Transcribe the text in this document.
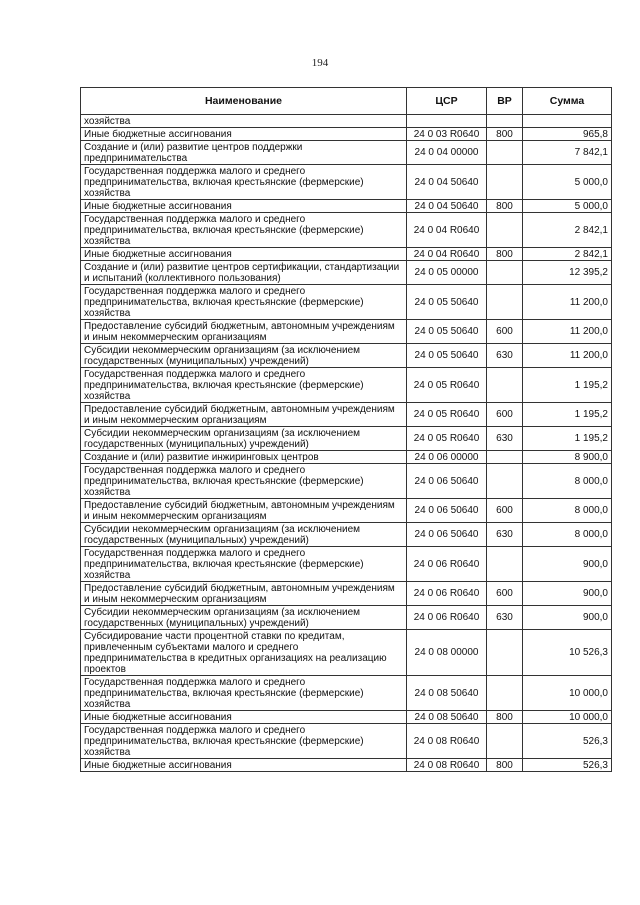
194
Наименование	ЦСР	ВР	Сумма
хозяйства			
Иные бюджетные ассигнования	24 0 03 R0640	800	965,8
Создание и (или) развитие центров поддержки предпринимательства	24 0 04 00000		7 842,1
Государственная поддержка малого и среднего предпринимательства, включая крестьянские (фермерские) хозяйства	24 0 04 50640		5 000,0
Иные бюджетные ассигнования	24 0 04 50640	800	5 000,0
Государственная поддержка малого и среднего предпринимательства, включая крестьянские (фермерские) хозяйства	24 0 04 R0640		2 842,1
Иные бюджетные ассигнования	24 0 04 R0640	800	2 842,1
Создание и (или) развитие центров сертификации, стандартизации и испытаний (коллективного пользования)	24 0 05 00000		12 395,2
Государственная поддержка малого и среднего предпринимательства, включая крестьянские (фермерские) хозяйства	24 0 05 50640		11 200,0
Предоставление субсидий бюджетным, автономным учреждениям и иным некоммерческим организациям	24 0 05 50640	600	11 200,0
Субсидии некоммерческим организациям (за исключением государственных (муниципальных) учреждений)	24 0 05 50640	630	11 200,0
Государственная поддержка малого и среднего предпринимательства, включая крестьянские (фермерские) хозяйства	24 0 05 R0640		1 195,2
Предоставление субсидий бюджетным, автономным учреждениям и иным некоммерческим организациям	24 0 05 R0640	600	1 195,2
Субсидии некоммерческим организациям (за исключением государственных (муниципальных) учреждений)	24 0 05 R0640	630	1 195,2
Создание и (или) развитие инжиринговых центров	24 0 06 00000		8 900,0
Государственная поддержка малого и среднего предпринимательства, включая крестьянские (фермерские) хозяйства	24 0 06 50640		8 000,0
Предоставление субсидий бюджетным, автономным учреждениям и иным некоммерческим организациям	24 0 06 50640	600	8 000,0
Субсидии некоммерческим организациям (за исключением государственных (муниципальных) учреждений)	24 0 06 50640	630	8 000,0
Государственная поддержка малого и среднего предпринимательства, включая крестьянские (фермерские) хозяйства	24 0 06 R0640		900,0
Предоставление субсидий бюджетным, автономным учреждениям и иным некоммерческим организациям	24 0 06 R0640	600	900,0
Субсидии некоммерческим организациям (за исключением государственных (муниципальных) учреждений)	24 0 06 R0640	630	900,0
Субсидирование части процентной ставки по кредитам, привлеченным субъектами малого и среднего предпринимательства в кредитных организациях на реализацию проектов	24 0 08 00000		10 526,3
Государственная поддержка малого и среднего предпринимательства, включая крестьянские (фермерские) хозяйства	24 0 08 50640		10 000,0
Иные бюджетные ассигнования	24 0 08 50640	800	10 000,0
Государственная поддержка малого и среднего предпринимательства, включая крестьянские (фермерские) хозяйства	24 0 08 R0640		526,3
Иные бюджетные ассигнования	24 0 08 R0640	800	526,3
